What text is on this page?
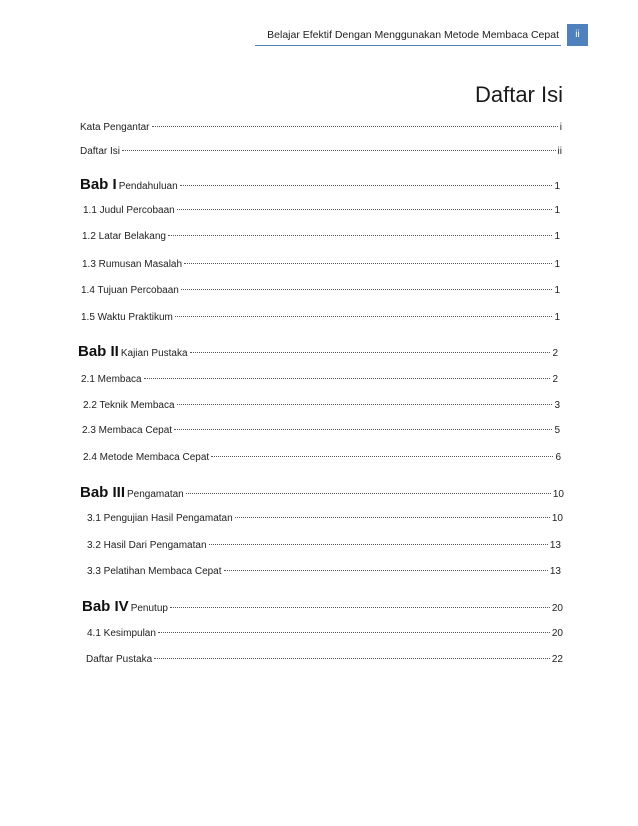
Belajar Efektif Dengan Menggunakan Metode Membaca Cepat	ii
Daftar Isi
Kata Pengantar	i
Daftar Isi	ii
Bab I Pendahuluan	1
1.1 Judul Percobaan	1
1.2 Latar Belakang	1
1.3 Rumusan Masalah	1
1.4 Tujuan Percobaan	1
1.5 Waktu Praktikum	1
Bab II Kajian Pustaka	2
2.1 Membaca	2
2.2 Teknik Membaca	3
2.3 Membaca Cepat	5
2.4 Metode Membaca Cepat	6
Bab III Pengamatan	10
3.1 Pengujian Hasil Pengamatan	10
3.2 Hasil Dari Pengamatan	13
3.3 Pelatihan Membaca Cepat	13
Bab IV Penutup	20
4.1 Kesimpulan	20
Daftar Pustaka	22
